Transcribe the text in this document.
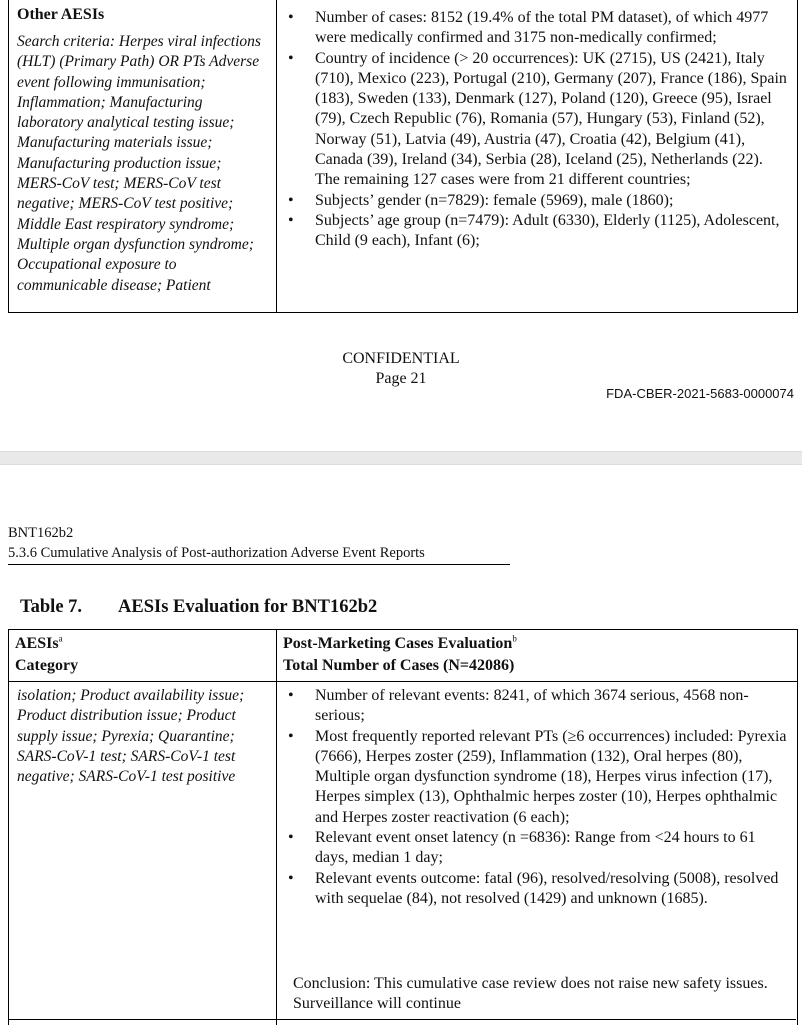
Other AESIs
Search criteria: Herpes viral infections (HLT) (Primary Path) OR PTs Adverse event following immunisation; Inflammation; Manufacturing laboratory analytical testing issue; Manufacturing materials issue; Manufacturing production issue; MERS-CoV test; MERS-CoV test negative; MERS-CoV test positive; Middle East respiratory syndrome; Multiple organ dysfunction syndrome; Occupational exposure to communicable disease; Patient
• Number of cases: 8152 (19.4% of the total PM dataset), of which 4977 were medically confirmed and 3175 non-medically confirmed;
• Country of incidence (> 20 occurrences): UK (2715), US (2421), Italy (710), Mexico (223), Portugal (210), Germany (207), France (186), Spain (183), Sweden (133), Denmark (127), Poland (120), Greece (95), Israel (79), Czech Republic (76), Romania (57), Hungary (53), Finland (52), Norway (51), Latvia (49), Austria (47), Croatia (42), Belgium (41), Canada (39), Ireland (34), Serbia (28), Iceland (25), Netherlands (22). The remaining 127 cases were from 21 different countries;
• Subjects’ gender (n=7829): female (5969), male (1860);
• Subjects’ age group (n=7479): Adult (6330), Elderly (1125), Adolescent, Child (9 each), Infant (6);
CONFIDENTIAL
Page 21
FDA-CBER-2021-5683-0000074
BNT162b2
5.3.6 Cumulative Analysis of Post-authorization Adverse Event Reports
Table 7. AESIs Evaluation for BNT162b2
AESIs$^a$
Category
isolation; Product availability issue; Product distribution issue; Product supply issue; Pyrexia; Quarantine; SARS-CoV-1 test; SARS-CoV-1 test negative; SARS-CoV-1 test positive
Post-Marketing Cases Evaluation$^b$
Total Number of Cases (N=42086)
• Number of relevant events: 8241, of which 3674 serious, 4568 non-serious;
• Most frequently reported relevant PTs (≥6 occurrences) included: Pyrexia (7666), Herpes zoster (259), Inflammation (132), Oral herpes (80), Multiple organ dysfunction syndrome (18), Herpes virus infection (17), Herpes simplex (13), Ophthalmic herpes zoster (10), Herpes ophthalmic and Herpes zoster reactivation (6 each);
• Relevant event onset latency (n =6836): Range from <24 hours to 61 days, median 1 day;
• Relevant events outcome: fatal (96), resolved/resolving (5008), resolved with sequelae (84), not resolved (1429) and unknown (1685).
Conclusion: This cumulative case review does not raise new safety issues. Surveillance will continue
